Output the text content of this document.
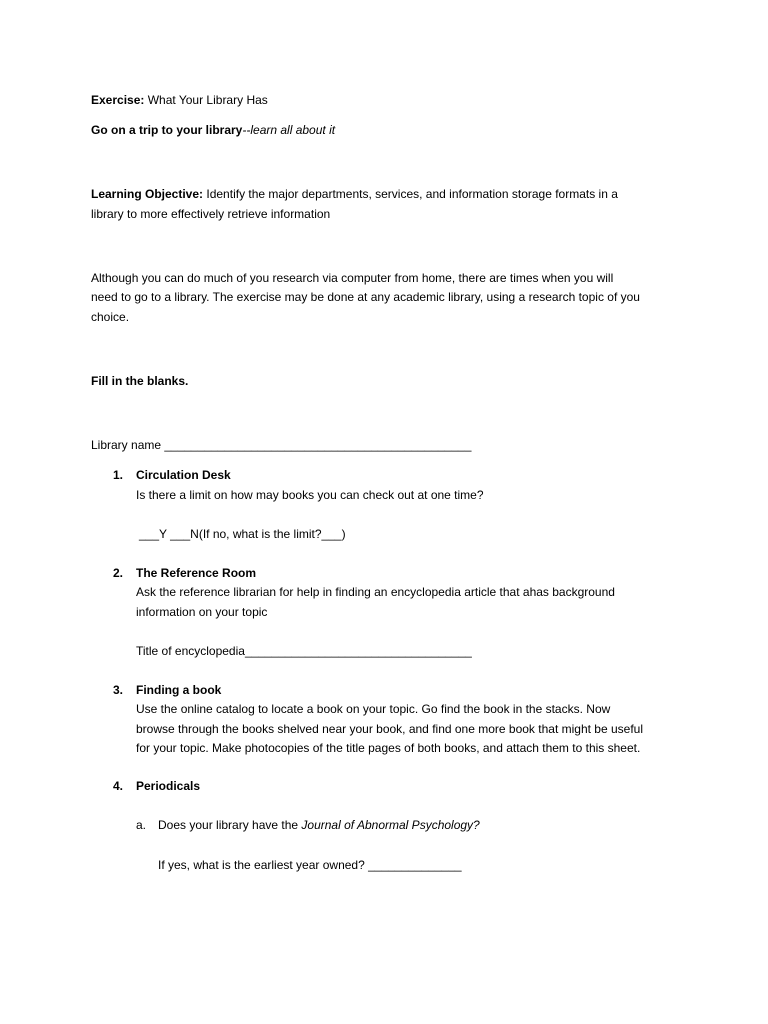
Exercise: What Your Library Has
Go on a trip to your library--learn all about it
Learning Objective: Identify the major departments, services, and information storage formats in a
library to more effectively retrieve information
Although you can do much of you research via computer from home, there are times when you will
need to go to a library. The exercise may be done at any academic library, using a research topic of you
choice.
Fill in the blanks.
Library name ______________________________________________
1. Circulation Desk
Is there a limit on how may books you can check out at one time?
___Y ___N(If no, what is the limit?___)
2. The Reference Room
Ask the reference librarian for help in finding an encyclopedia article that ahas background
information on your topic
Title of encyclopedia__________________________________
3. Finding a book
Use the online catalog to locate a book on your topic. Go find the book in the stacks. Now
browse through the books shelved near your book, and find one more book that might be useful
for your topic. Make photocopies of the title pages of both books, and attach them to this sheet.
4. Periodicals
a. Does your library have the Journal of Abnormal Psychology?
If yes, what is the earliest year owned? ______________
